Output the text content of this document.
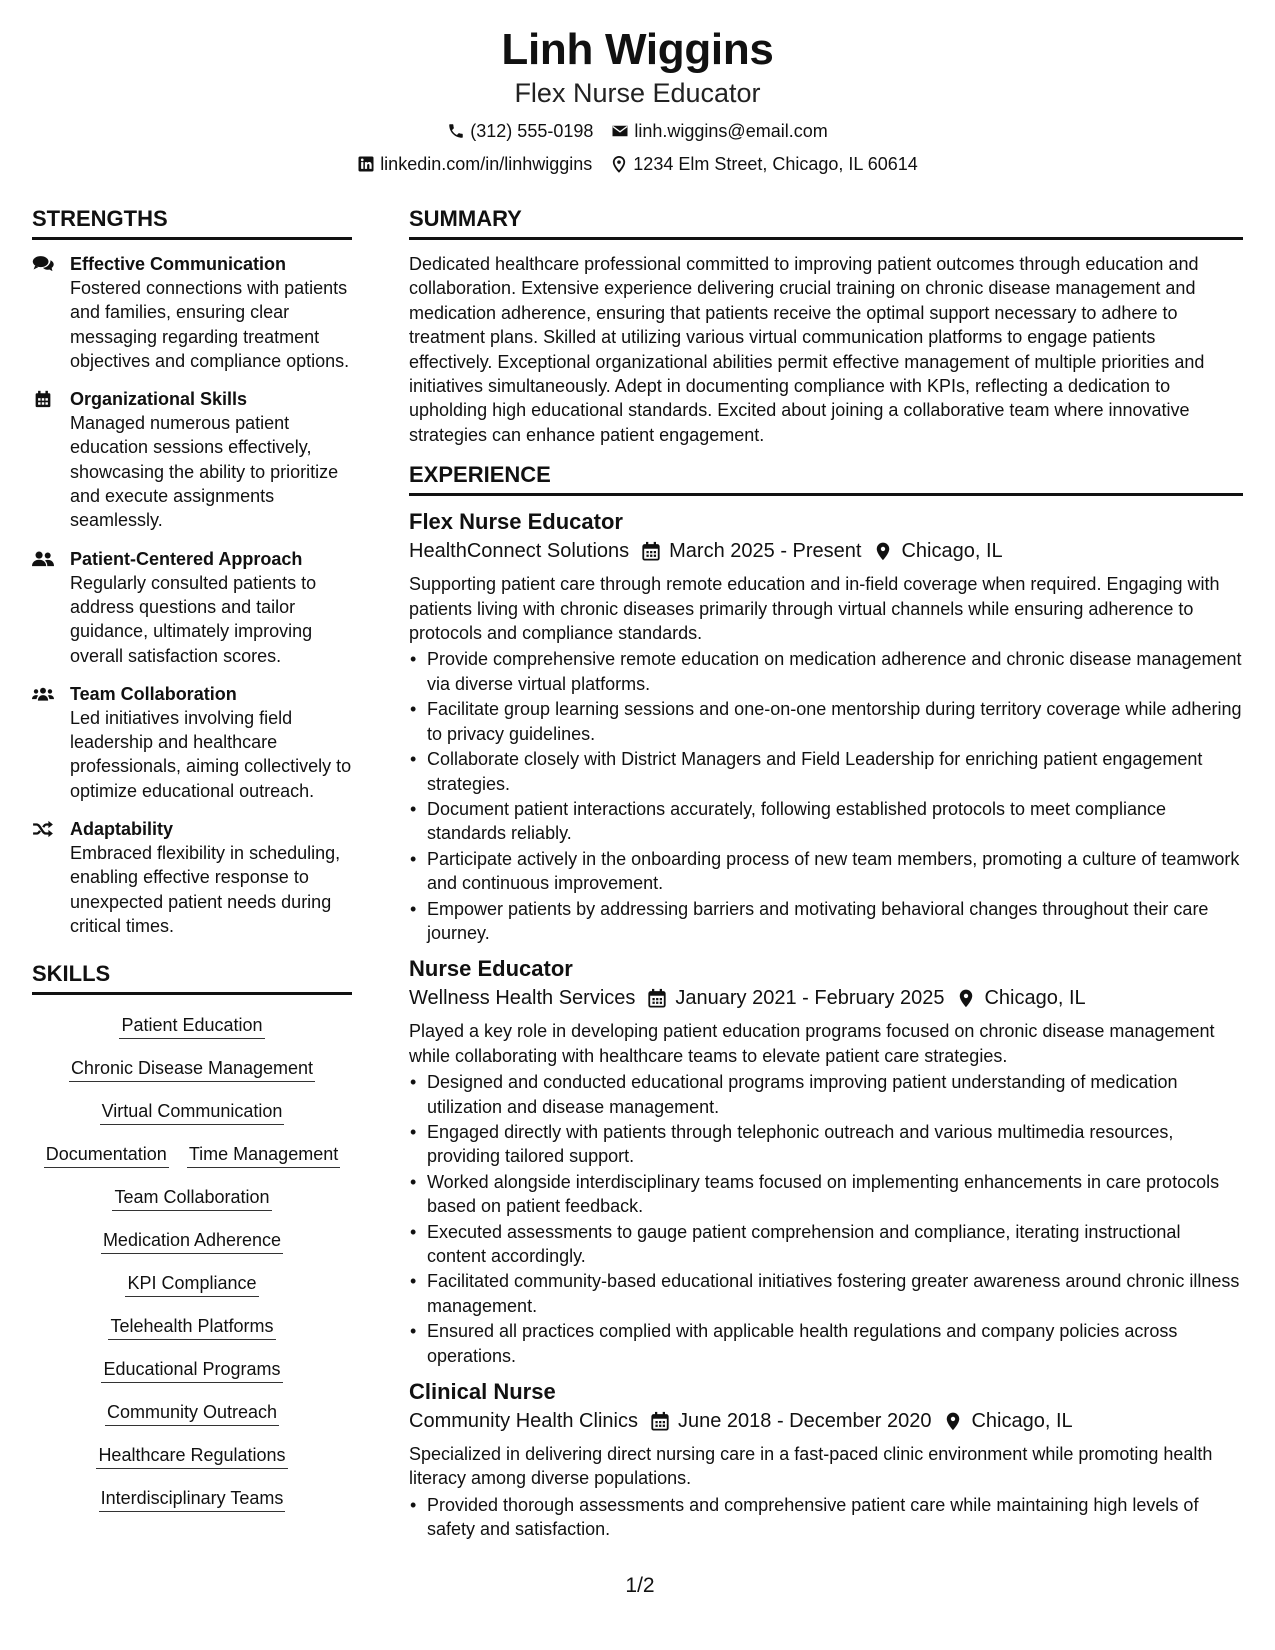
Linh Wiggins
Flex Nurse Educator
(312) 555-0198 linh.wiggins@email.com
linkedin.com/in/linhwiggins 1234 Elm Street, Chicago, IL 60614
STRENGTHS
Effective Communication
Fostered connections with patients and families, ensuring clear messaging regarding treatment objectives and compliance options.
Organizational Skills
Managed numerous patient education sessions effectively, showcasing the ability to prioritize and execute assignments seamlessly.
Patient-Centered Approach
Regularly consulted patients to address questions and tailor guidance, ultimately improving overall satisfaction scores.
Team Collaboration
Led initiatives involving field leadership and healthcare professionals, aiming collectively to optimize educational outreach.
Adaptability
Embraced flexibility in scheduling, enabling effective response to unexpected patient needs during critical times.
SKILLS
Patient Education
Chronic Disease Management
Virtual Communication
Documentation Time Management
Team Collaboration
Medication Adherence
KPI Compliance
Telehealth Platforms
Educational Programs
Community Outreach
Healthcare Regulations
Interdisciplinary Teams
SUMMARY
Dedicated healthcare professional committed to improving patient outcomes through education and collaboration. Extensive experience delivering crucial training on chronic disease management and medication adherence, ensuring that patients receive the optimal support necessary to adhere to treatment plans. Skilled at utilizing various virtual communication platforms to engage patients effectively. Exceptional organizational abilities permit effective management of multiple priorities and initiatives simultaneously. Adept in documenting compliance with KPIs, reflecting a dedication to upholding high educational standards. Excited about joining a collaborative team where innovative strategies can enhance patient engagement.
EXPERIENCE
Flex Nurse Educator
HealthConnect Solutions March 2025 - Present Chicago, IL
Supporting patient care through remote education and in-field coverage when required. Engaging with patients living with chronic diseases primarily through virtual channels while ensuring adherence to protocols and compliance standards.
• Provide comprehensive remote education on medication adherence and chronic disease management via diverse virtual platforms.
• Facilitate group learning sessions and one-on-one mentorship during territory coverage while adhering to privacy guidelines.
• Collaborate closely with District Managers and Field Leadership for enriching patient engagement strategies.
• Document patient interactions accurately, following established protocols to meet compliance standards reliably.
• Participate actively in the onboarding process of new team members, promoting a culture of teamwork and continuous improvement.
• Empower patients by addressing barriers and motivating behavioral changes throughout their care journey.
Nurse Educator
Wellness Health Services January 2021 - February 2025 Chicago, IL
Played a key role in developing patient education programs focused on chronic disease management while collaborating with healthcare teams to elevate patient care strategies.
• Designed and conducted educational programs improving patient understanding of medication utilization and disease management.
• Engaged directly with patients through telephonic outreach and various multimedia resources, providing tailored support.
• Worked alongside interdisciplinary teams focused on implementing enhancements in care protocols based on patient feedback.
• Executed assessments to gauge patient comprehension and compliance, iterating instructional content accordingly.
• Facilitated community-based educational initiatives fostering greater awareness around chronic illness management.
• Ensured all practices complied with applicable health regulations and company policies across operations.
Clinical Nurse
Community Health Clinics June 2018 - December 2020 Chicago, IL
Specialized in delivering direct nursing care in a fast-paced clinic environment while promoting health literacy among diverse populations.
• Provided thorough assessments and comprehensive patient care while maintaining high levels of safety and satisfaction.
1/2
